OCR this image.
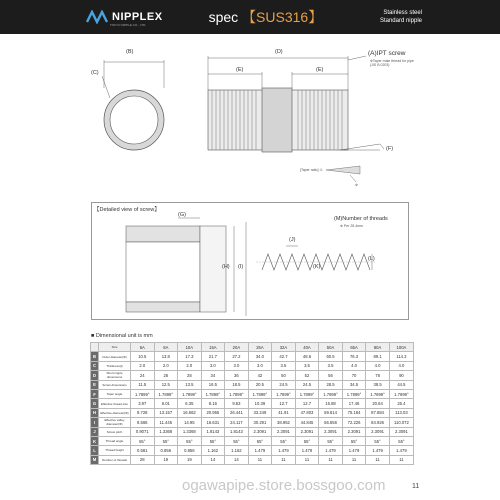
NIPPLEX
TOKYO NIPPLE CO., LTD.	spec 【SUS316】	Stainless steel
Standard nipple
(B)
(C)
(D)
(E)	(E)
(A)IPT screw
※Taper male thread for pipe (JIS B 0203)
(F)
[Taper ratio] ①
※
【Detailed view of screw】
(G)
(H) (I)
(M)Number of threads
※ Per 25.4mm
(J)
(K)
(L)
■ Dimensional unit is mm
	Size	6A	8A	10A	15A	20A	25A	32A	40A	50A	65A	80A	100A
B	Outer diameter(Φ)	10.5	13.8	17.3	21.7	27.2	34.0	42.7	48.6	60.5	76.3	89.1	114.3
C	Thickness(t)	2.0	2.0	2.0	3.0	3.0	3.0	3.5	3.5	3.5	4.0	4.0	4.0
D	Short nipple dimensions	24	26	28	34	36	42	50	52	56	70	78	90
E	Screw dimensions	11.5	12.5	13.5	16.5	18.5	20.5	24.5	24.5	28.5	34.5	38.5	44.5
F	Taper angle	1.7899°	1.7899°	1.7899°	1.7899°	1.7899°	1.7899°	1.7899°	1.7899°	1.7899°	1.7899°	1.7899°	1.7899°
G	Effective thread size	3.97	6.01	6.35	8.16	9.53	10.39	12.7	12.7	15.88	17.46	20.64	25.4
H	Effective diameter(Φ)	9.728	13.157	16.662	20.955	26.441	33.249	41.91	47.803	59.614	75.184	87.884	113.03
I	Effective valley diameter(Φ)	8.566	11.445	14.95	18.631	24.117	30.291	38.952	44.845	56.656	72.226	84.926	110.072
J	Screw pitch	0.9071	1.3368	1.3368	1.8143	1.8143	2.3091	2.3091	2.3091	2.3091	2.3091	2.3091	2.3091
K	Thread angle	55°	55°	55°	55°	55°	55°	55°	55°	55°	55°	55°	55°
L	Thread height	0.581	0.856	0.856	1.162	1.162	1.479	1.479	1.479	1.479	1.479	1.479	1.479
M	Number of threads	28	19	19	14	14	11	11	11	11	11	11	11
ogawapipe.store.bossgoo.com	11
